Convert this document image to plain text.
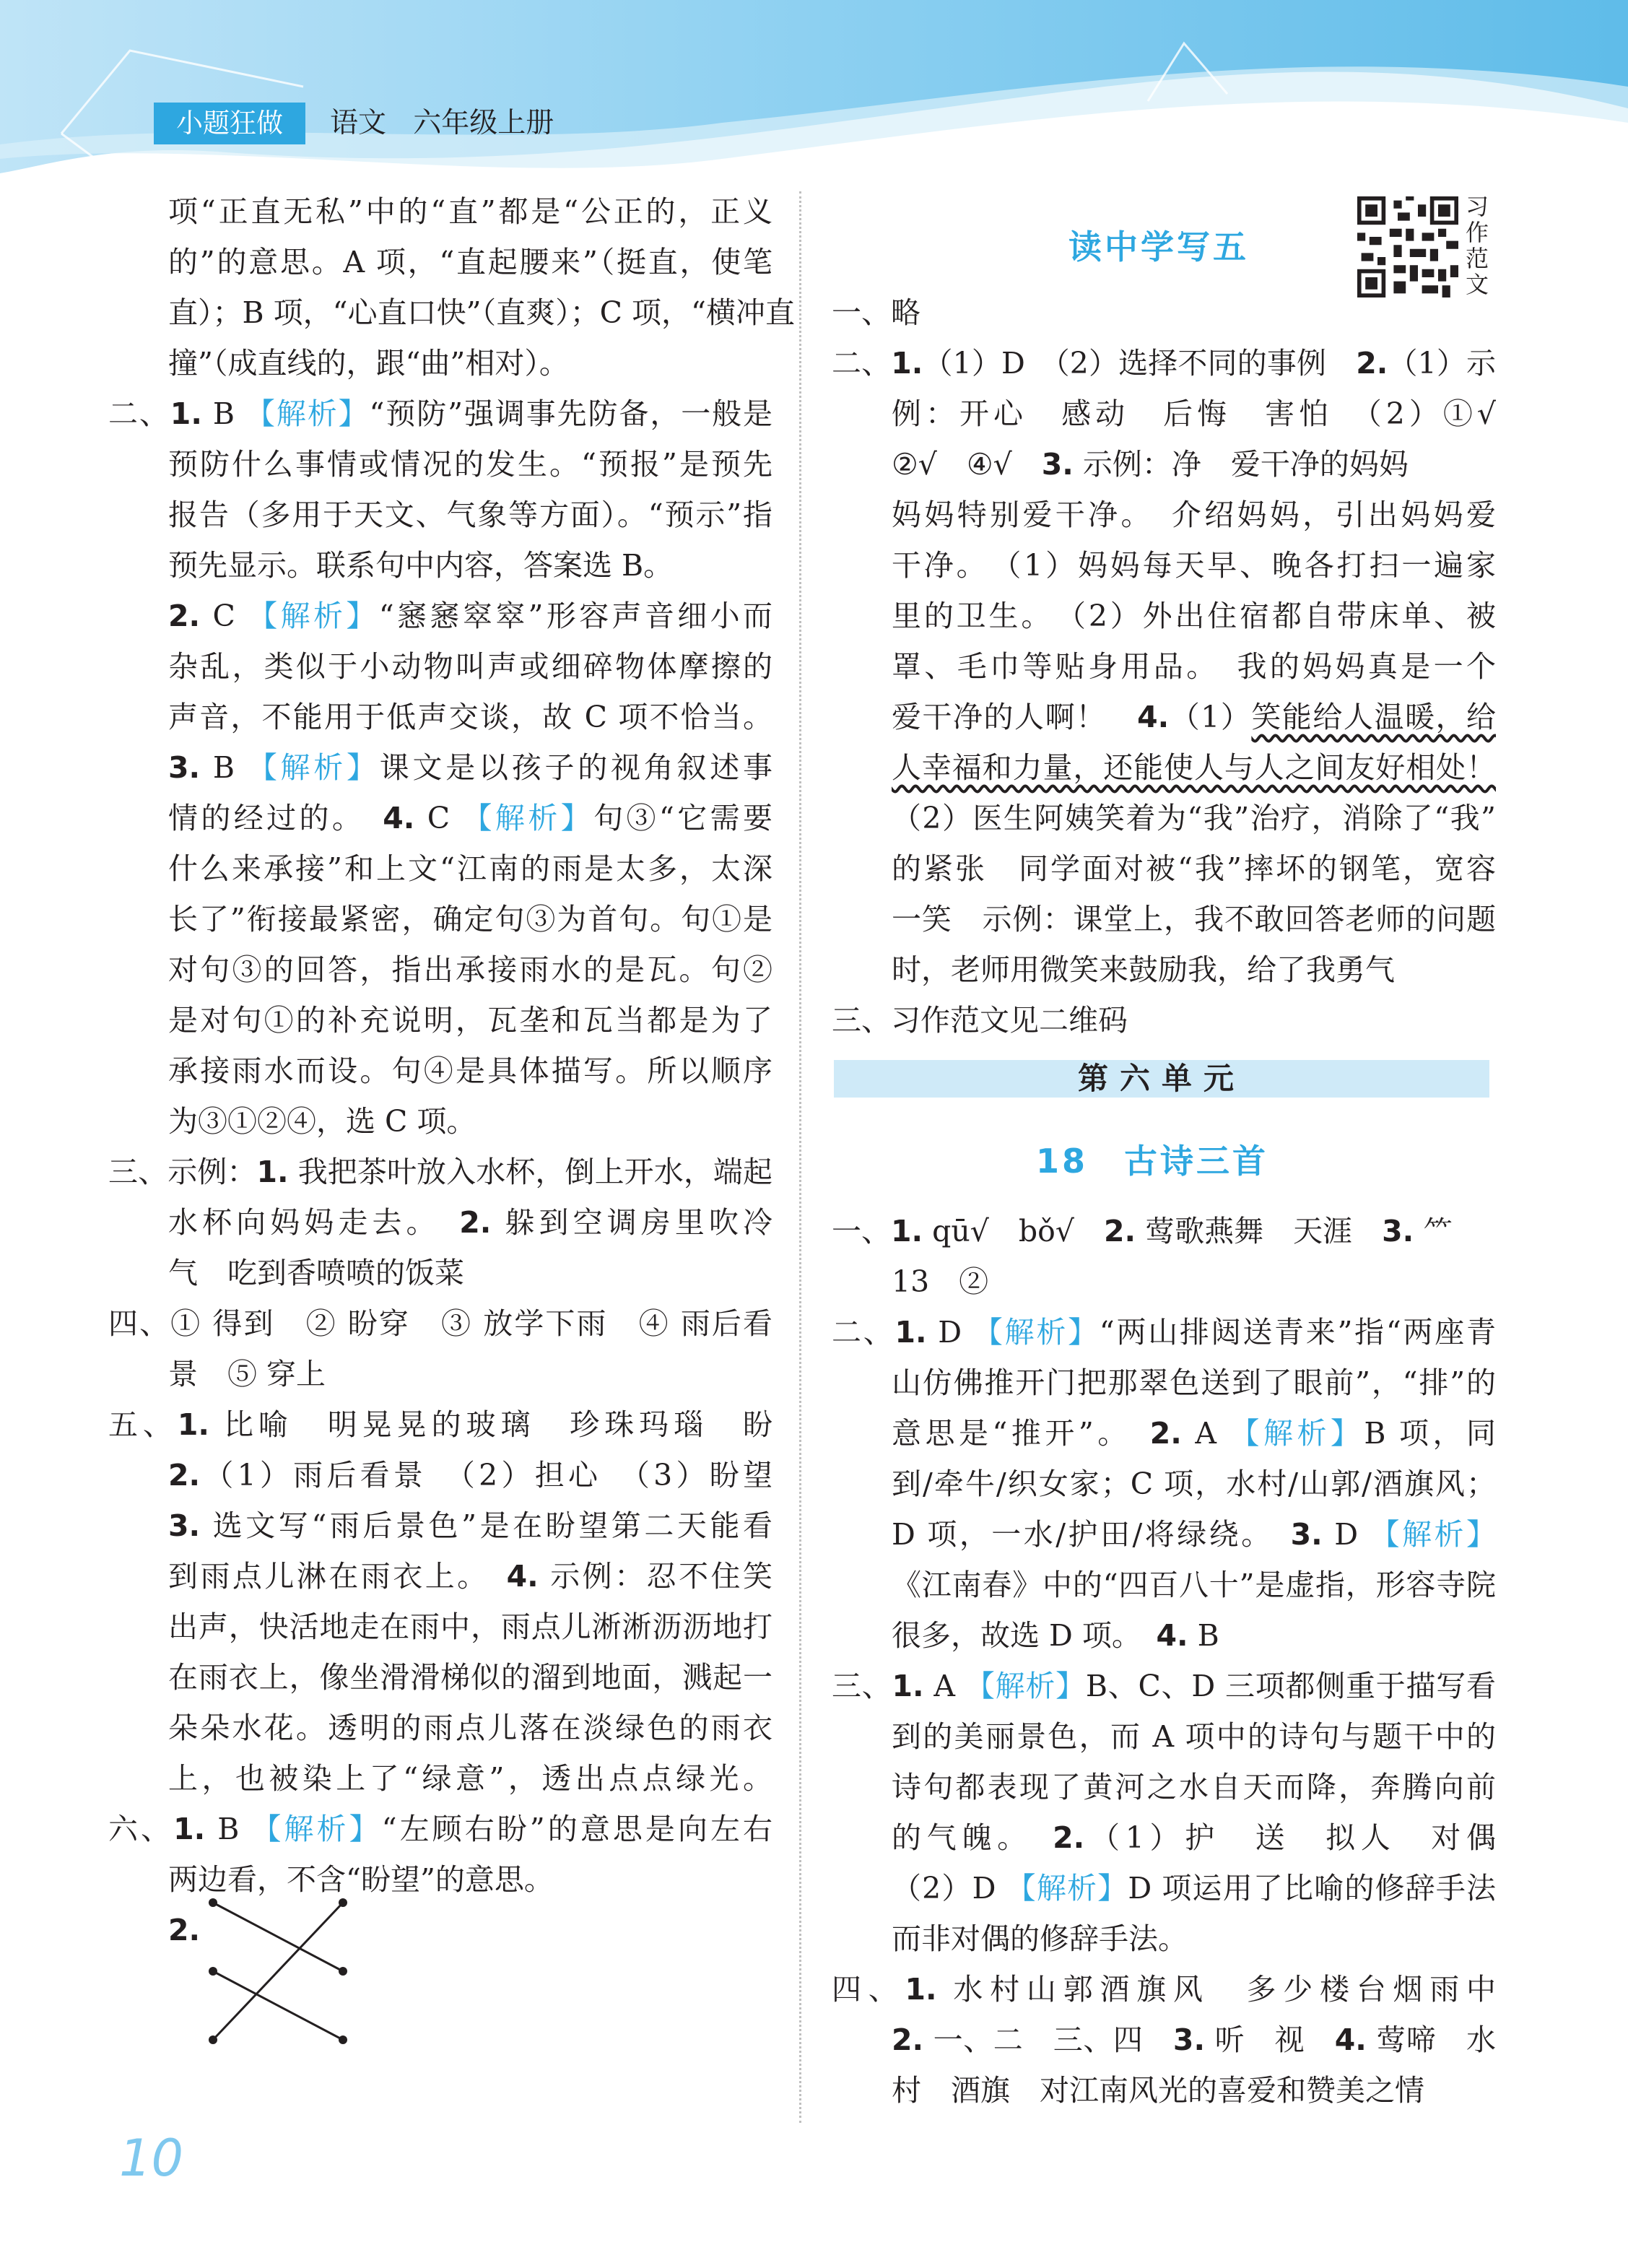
小题狂做	语文   六年级上册
项“正直无私”中的“直”都是“公正的，正义
的”的意思。A 项，“直起腰来”（挺直，使笔
直）；B 项，“心直口快”（直爽）；C 项，“横冲直
撞”（成直线的，跟“曲”相对）。
二、1. B 【解析】“预防”强调事先防备，一般是
预防什么事情或情况的发生。“预报”是预先
报告（多用于天文、气象等方面）。“预示”指
预先显示。联系句中内容，答案选 B。
2. C 【解析】“窸窸窣窣”形容声音细小而
杂乱，类似于小动物叫声或细碎物体摩擦的
声音，不能用于低声交谈，故 C 项不恰当。
3. B 【解析】课文是以孩子的视角叙述事
情的经过的。　 4. C 【解析】句③“它需要
什么来承接”和上文“江南的雨是太多，太深
长了”衔接最紧密，确定句③为首句。句①是
对句③的回答，指出承接雨水的是瓦。句②
是对句①的补充说明，瓦垄和瓦当都是为了
承接雨水而设。句④是具体描写。所以顺序
为③①②④，选 C 项。
三、示例：1. 我把茶叶放入水杯，倒上开水，端起
水杯向妈妈走去。　 2. 躲到空调房里吹冷
气　吃到香喷喷的饭菜
四、① 得到　② 盼穿　③ 放学下雨　④ 雨后看
景　⑤ 穿上
五、1. 比喻　明晃晃的玻璃　珍珠玛瑙　盼
2.（1）雨后看景　（2）担心　（3）盼望
3. 选文写“雨后景色”是在盼望第二天能看
到雨点儿淋在雨衣上。　 4. 示例：忍不住笑
出声，快活地走在雨中，雨点儿淅淅沥沥地打
在雨衣上，像坐滑滑梯似的溜到地面，溅起一
朵朵水花。透明的雨点儿落在淡绿色的雨衣
上，也被染上了“绿意”，透出点点绿光。
六、1. B 【解析】“左顾右盼”的意思是向左右
两边看，不含“盼望”的意思。
2.
读中学写五
习作范文
一、略
二、1.（1）D　（2）选择不同的事例　 2.（1）示
例：开心　感动　后悔　害怕　（2）①√
②√　④√　 3. 示例：净　爱干净的妈妈
妈妈特别爱干净。　介绍妈妈，引出妈妈爱
干净。　（1）妈妈每天早、晚各打扫一遍家
里的卫生。　（2）外出住宿都自带床单、被
罩、毛巾等贴身用品。　我的妈妈真是一个
爱干净的人啊！　 4.（1）笑能给人温暖，给
人幸福和力量，还能使人与人之间友好相处！
（2）医生阿姨笑着为“我”治疗，消除了“我”
的紧张　同学面对被“我”摔坏的钢笔，宽容
一笑　示例：课堂上，我不敢回答老师的问题
时，老师用微笑来鼓励我，给了我勇气
三、习作范文见二维码
第六单元
18　古诗三首
一、1. qū√　bǒ√　 2. 莺歌燕舞　天涯　 3. ⺮
13　②
二、1. D 【解析】“两山排闼送青来”指“两座青
山仿佛推开门把那翠色送到了眼前”，“排”的
意思是“推开”。　 2. A 【解析】B 项，同
到/牵牛/织女家；C 项，水村/山郭/酒旗风；
D 项，一水/护田/将绿绕。　 3. D 【解析】
《江南春》中的“四百八十”是虚指，形容寺院
很多，故选 D 项。　 4. B
三、1. A 【解析】B、C、D 三项都侧重于描写看
到的美丽景色，而 A 项中的诗句与题干中的
诗句都表现了黄河之水自天而降，奔腾向前
的气魄。　 2.（1）护　送　拟人　对偶
（2）D 【解析】D 项运用了比喻的修辞手法
而非对偶的修辞手法。
四、1. 水村山郭酒旗风　多少楼台烟雨中
2. 一、二　三、四　 3. 听　视　 4. 莺啼　水
村　酒旗　对江南风光的喜爱和赞美之情
10
